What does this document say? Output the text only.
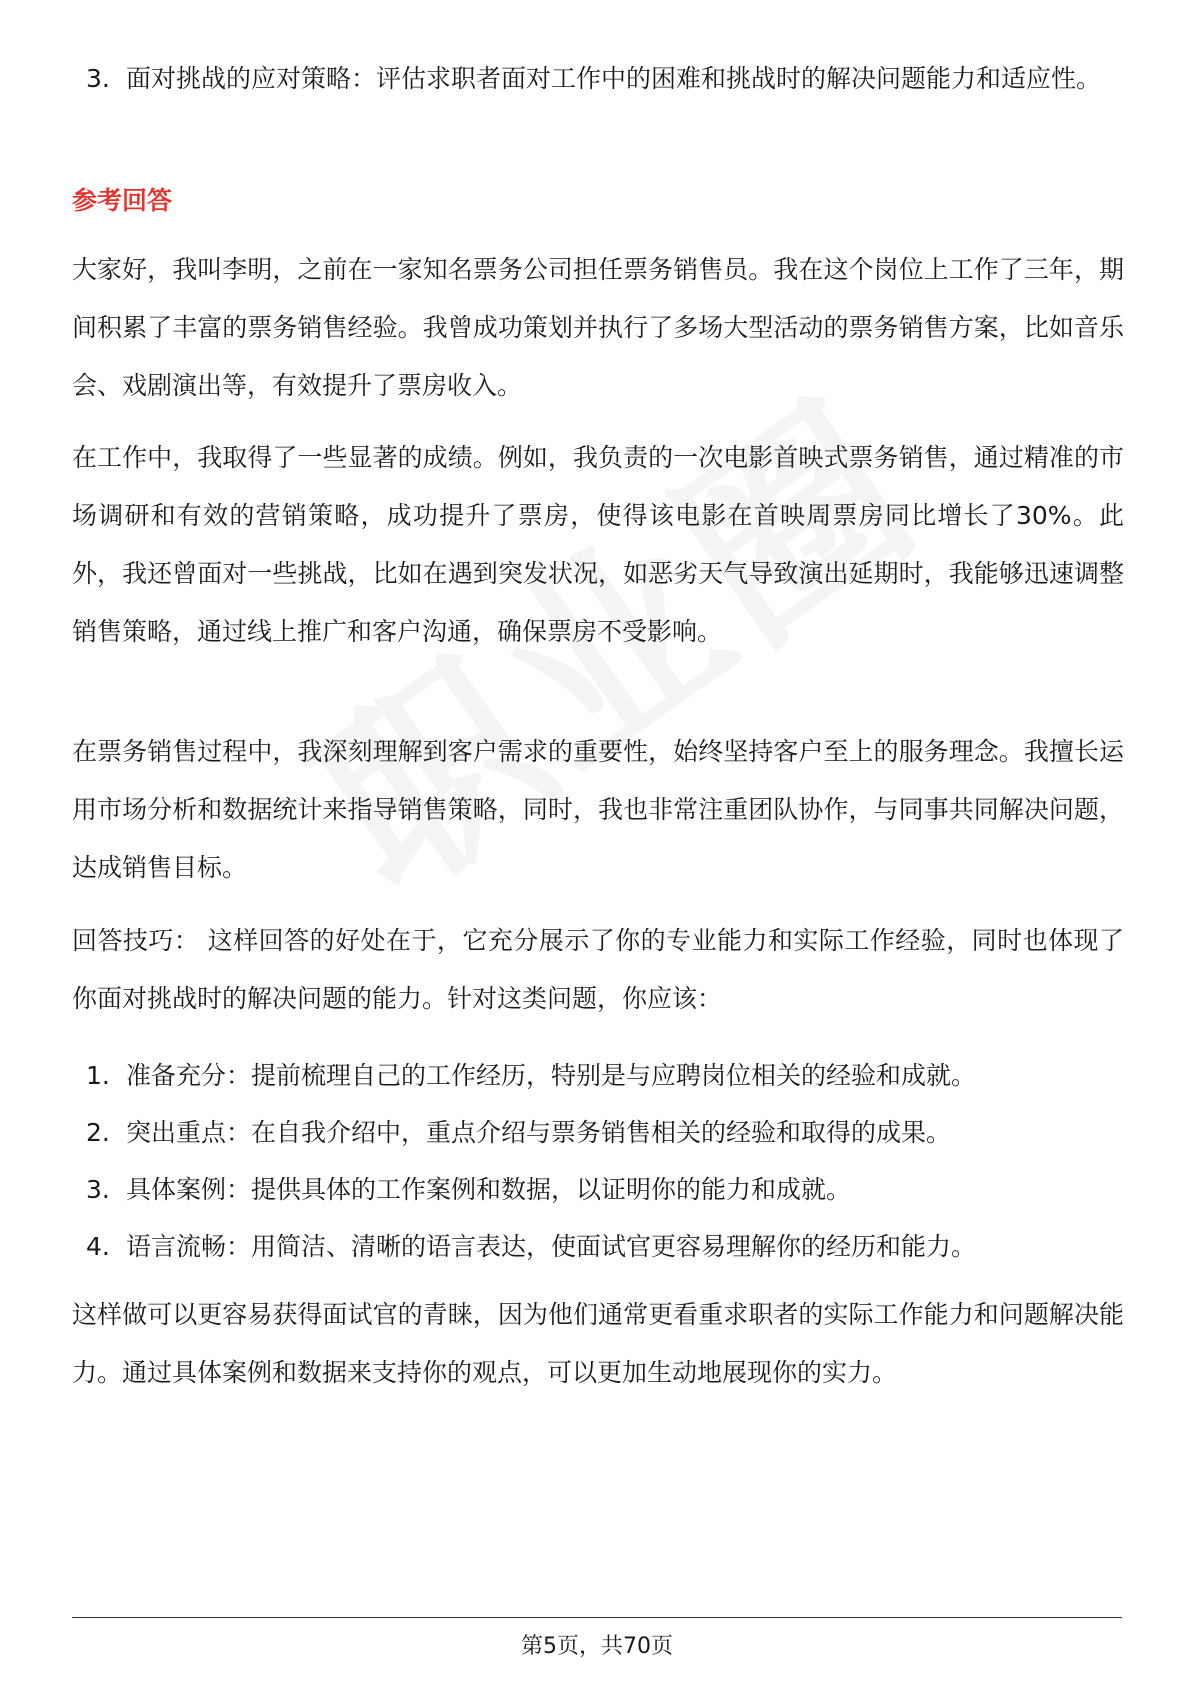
3. 面对挑战的应对策略：评估求职者面对工作中的困难和挑战时的解决问题能力和适应性。
参考回答

大家好，我叫李明，之前在一家知名票务公司担任票务销售员。我在这个岗位上工作了三年，期间积累了丰富的票务销售经验。我曾成功策划并执行了多场大型活动的票务销售方案，比如音乐会、戏剧演出等，有效提升了票房收入。

在工作中，我取得了一些显著的成绩。例如，我负责的一次电影首映式票务销售，通过精准的市场调研和有效的营销策略，成功提升了票房，使得该电影在首映周票房同比增长了30%。此外，我还曾面对一些挑战，比如在遇到突发状况，如恶劣天气导致演出延期时，我能够迅速调整销售策略，通过线上推广和客户沟通，确保票房不受影响。

在票务销售过程中，我深刻理解到客户需求的重要性，始终坚持客户至上的服务理念。我擅长运用市场分析和数据统计来指导销售策略，同时，我也非常注重团队协作，与同事共同解决问题，达成销售目标。

回答技巧： 这样回答的好处在于，它充分展示了你的专业能力和实际工作经验，同时也体现了你面对挑战时的解决问题的能力。针对这类问题，你应该：

1. 准备充分：提前梳理自己的工作经历，特别是与应聘岗位相关的经验和成就。
2. 突出重点：在自我介绍中，重点介绍与票务销售相关的经验和取得的成果。
3. 具体案例：提供具体的工作案例和数据，以证明你的能力和成就。
4. 语言流畅：用简洁、清晰的语言表达，使面试官更容易理解你的经历和能力。

这样做可以更容易获得面试官的青睐，因为他们通常更看重求职者的实际工作能力和问题解决能力。通过具体案例和数据来支持你的观点，可以更加生动地展现你的实力。

第5页，共70页
